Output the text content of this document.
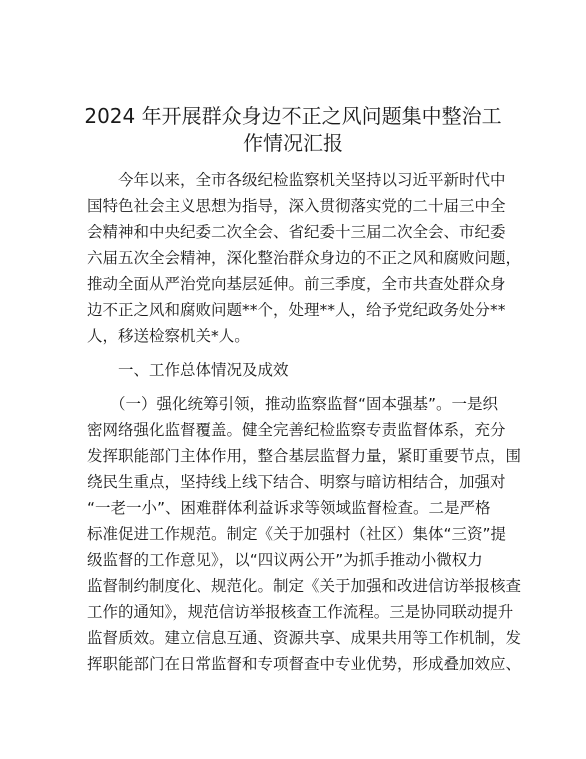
2024 年开展群众身边不正之风问题集中整治工
作情况汇报
今年以来，全市各级纪检监察机关坚持以习近平新时代中
国特色社会主义思想为指导，深入贯彻落实党的二十届三中全
会精神和中央纪委二次全会、省纪委十三届二次全会、市纪委
六届五次全会精神，深化整治群众身边的不正之风和腐败问题，
推动全面从严治党向基层延伸。前三季度，全市共查处群众身
边不正之风和腐败问题**个，处理**人，给予党纪政务处分**
人，移送检察机关*人。
一、工作总体情况及成效
（一）强化统筹引领，推动监察监督“固本强基”。一是织
密网络强化监督覆盖。健全完善纪检监察专责监督体系，充分
发挥职能部门主体作用，整合基层监督力量，紧盯重要节点，围
绕民生重点，坚持线上线下结合、明察与暗访相结合，加强对
“一老一小”、困难群体利益诉求等领域监督检查。二是严格
标准促进工作规范。制定《关于加强村（社区）集体“三资”提
级监督的工作意见》，以“四议两公开”为抓手推动小微权力
监督制约制度化、规范化。制定《关于加强和改进信访举报核查
工作的通知》，规范信访举报核查工作流程。三是协同联动提升
监督质效。建立信息互通、资源共享、成果共用等工作机制，发
挥职能部门在日常监督和专项督查中专业优势，形成叠加效应、
